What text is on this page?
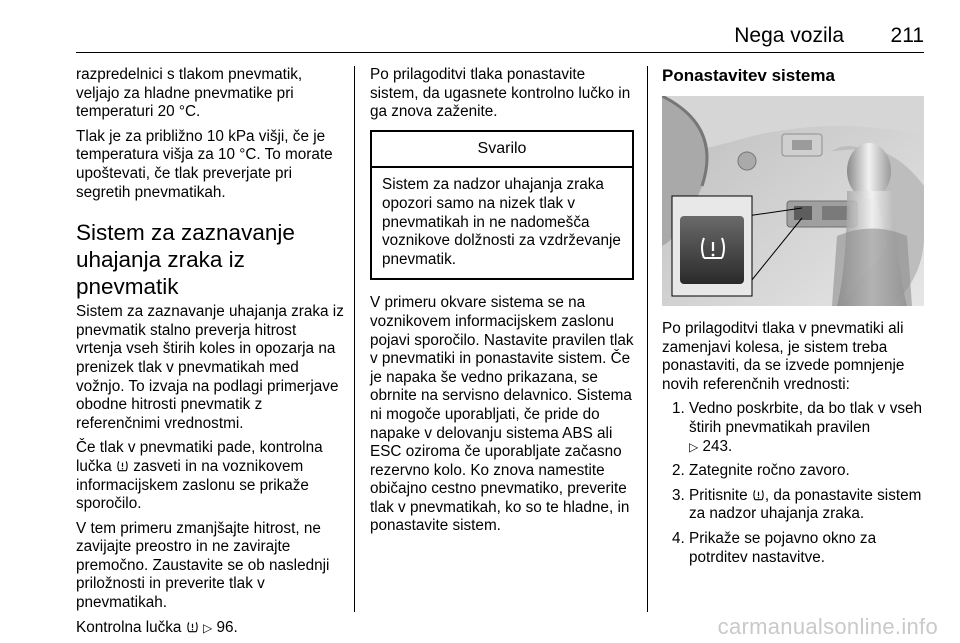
Nega vozila 211

razpredelnici s tlakom pnevmatik, veljajo za hladne pnevmatike pri temperaturi 20 °C.

Tlak je za približno 10 kPa višji, če je temperatura višja za 10 °C. To morate upoštevati, če tlak preverjate pri segretih pnevmatikah.

Sistem za zaznavanje uhajanja zraka iz pnevmatik

Sistem za zaznavanje uhajanja zraka iz pnevmatik stalno preverja hitrost vrtenja vseh štirih koles in opozarja na prenizek tlak v pnevmatikah med vožnjo. To izvaja na podlagi primerjave obodne hitrosti pnevmatik z referenčnimi vrednostmi.

Če tlak v pnevmatiki pade, kontrolna lučka zasveti in na voznikovem informacijskem zaslonu se prikaže sporočilo.

V tem primeru zmanjšajte hitrost, ne zavijajte preostro in ne zavirajte premočno. Zaustavite se ob naslednji priložnosti in preverite tlak v pnevmatikah.

Kontrolna lučka ▷ 96.

Po prilagoditvi tlaka ponastavite sistem, da ugasnete kontrolno lučko in ga znova zaženite.

Svarilo
Sistem za nadzor uhajanja zraka opozori samo na nizek tlak v pnevmatikah in ne nadomešča voznikove dolžnosti za vzdrževanje pnevmatik.

V primeru okvare sistema se na voznikovem informacijskem zaslonu pojavi sporočilo. Nastavite pravilen tlak v pnevmatiki in ponastavite sistem. Če je napaka še vedno prikazana, se obrnite na servisno delavnico. Sistema ni mogoče uporabljati, če pride do napake v delovanju sistema ABS ali ESC oziroma če uporabljate začasno rezervno kolo. Ko znova namestite običajno cestno pnevmatiko, preverite tlak v pnevmatikah, ko so te hladne, in ponastavite sistem.

Ponastavitev sistema

Po prilagoditvi tlaka v pnevmatiki ali zamenjavi kolesa, je sistem treba ponastaviti, da se izvede pomnjenje novih referenčnih vrednosti:

1. Vedno poskrbite, da bo tlak v vseh štirih pnevmatikah pravilen
▷ 243.
2. Zategnite ročno zavoro.
3. Pritisnite , da ponastavite sistem za nadzor uhajanja zraka.
4. Prikaže se pojavno okno za potrditev nastavitve.
carmanualsonline.info
